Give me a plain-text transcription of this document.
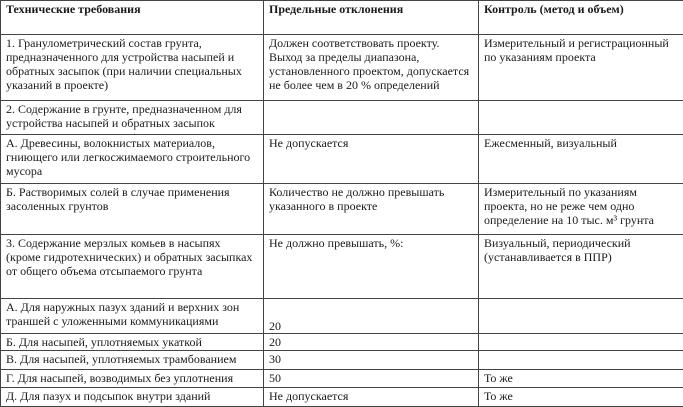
Технические требования	Предельные отклонения	Контроль (метод и объем)
1. Гранулометрический состав грунта, предназначенного для устройства насыпей и обратных засыпок (при наличии специальных указаний в проекте)	Должен соответствовать проекту. Выход за пределы диапазона, установленного проектом, допускается не более чем в 20 % определений	Измерительный и регистрационный по указаниям проекта
2. Содержание в грунте, предназначенном для устройства насыпей и обратных засыпок		
А. Древесины, волокнистых материалов, гниющего или легкосжимаемого строительного мусора	Не допускается	Ежесменный, визуальный
Б. Растворимых солей в случае применения засоленных грунтов	Количество не должно превышать указанного в проекте	Измерительный по указаниям проекта, но не реже чем одно определение на 10 тыс. м³ грунта
3. Содержание мерзлых комьев в насыпях (кроме гидротехнических) и обратных засыпках от общего объема отсыпаемого грунта	Не должно превышать, %:	Визуальный, периодический (устанавливается в ППР)
А. Для наружных пазух зданий и верхних зон траншей с уложенными коммуникациями	20	
Б. Для насыпей, уплотняемых укаткой	20	
В. Для насыпей, уплотняемых трамбованием	30	
Г. Для насыпей, возводимых без уплотнения	50	То же
Д. Для пазух и подсыпок внутри зданий	Не допускается	То же
